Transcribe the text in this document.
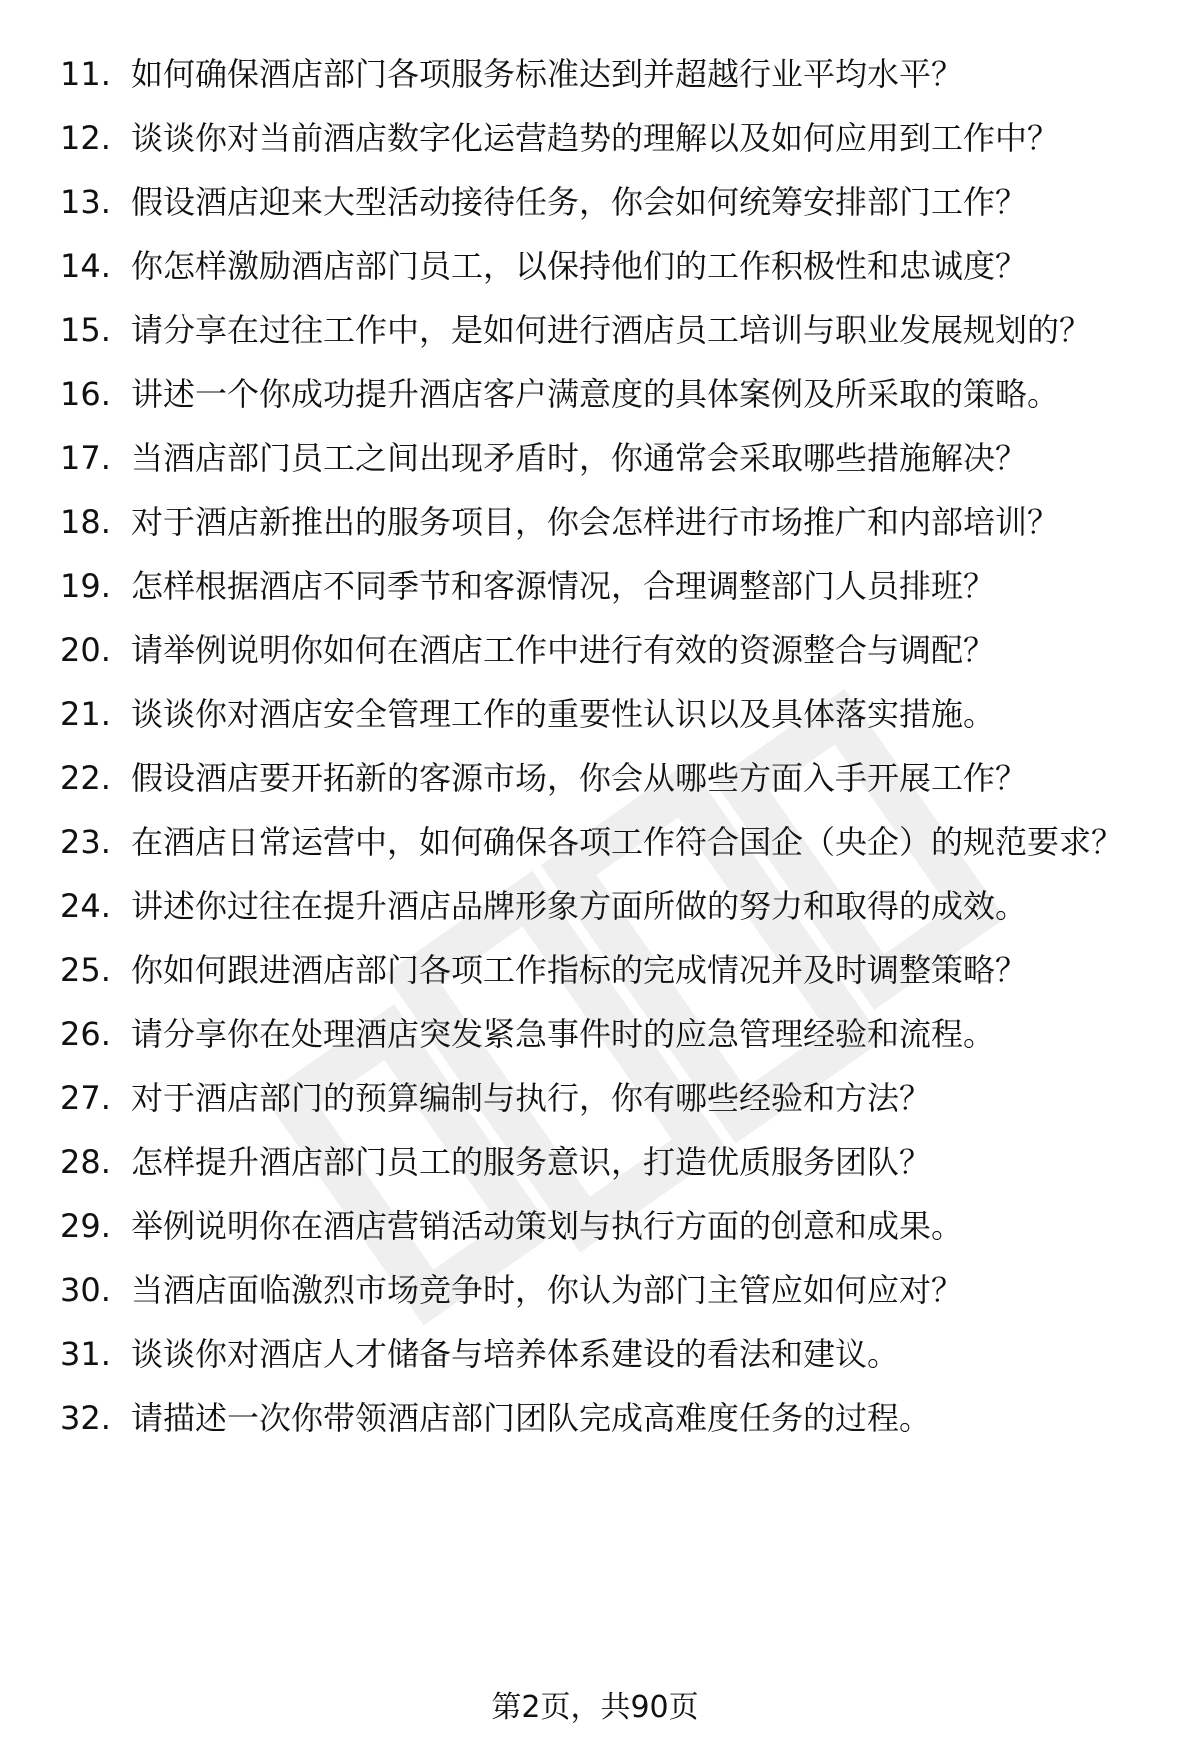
11. 如何确保酒店部门各项服务标准达到并超越行业平均水平？
12. 谈谈你对当前酒店数字化运营趋势的理解以及如何应用到工作中？
13. 假设酒店迎来大型活动接待任务，你会如何统筹安排部门工作？
14. 你怎样激励酒店部门员工，以保持他们的工作积极性和忠诚度？
15. 请分享在过往工作中，是如何进行酒店员工培训与职业发展规划的？
16. 讲述一个你成功提升酒店客户满意度的具体案例及所采取的策略。
17. 当酒店部门员工之间出现矛盾时，你通常会采取哪些措施解决？
18. 对于酒店新推出的服务项目，你会怎样进行市场推广和内部培训？
19. 怎样根据酒店不同季节和客源情况，合理调整部门人员排班？
20. 请举例说明你如何在酒店工作中进行有效的资源整合与调配？
21. 谈谈你对酒店安全管理工作的重要性认识以及具体落实措施。
22. 假设酒店要开拓新的客源市场，你会从哪些方面入手开展工作？
23. 在酒店日常运营中，如何确保各项工作符合国企（央企）的规范要求？
24. 讲述你过往在提升酒店品牌形象方面所做的努力和取得的成效。
25. 你如何跟进酒店部门各项工作指标的完成情况并及时调整策略？
26. 请分享你在处理酒店突发紧急事件时的应急管理经验和流程。
27. 对于酒店部门的预算编制与执行，你有哪些经验和方法？
28. 怎样提升酒店部门员工的服务意识，打造优质服务团队？
29. 举例说明你在酒店营销活动策划与执行方面的创意和成果。
30. 当酒店面临激烈市场竞争时，你认为部门主管应如何应对？
31. 谈谈你对酒店人才储备与培养体系建设的看法和建议。
32. 请描述一次你带领酒店部门团队完成高难度任务的过程。
第2页，共90页
